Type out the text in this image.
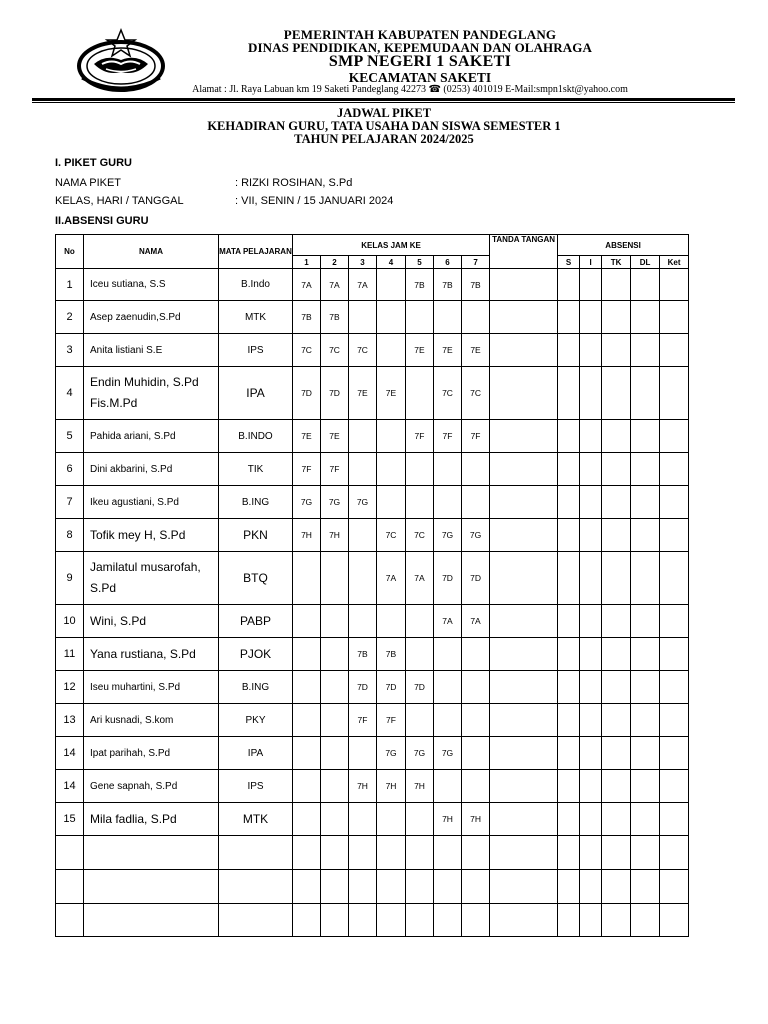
PEMERINTAH KABUPATEN PANDEGLANG
DINAS PENDIDIKAN, KEPEMUDAAN DAN OLAHRAGA
SMP NEGERI 1 SAKETI
KECAMATAN SAKETI
Alamat : Jl. Raya Labuan km 19 Saketi Pandeglang 42273 ☎ (0253) 401019 E-Mail:smpn1skt@yahoo.com
JADWAL PIKET
KEHADIRAN GURU, TATA USAHA DAN SISWA SEMESTER 1
TAHUN PELAJARAN 2024/2025
I. PIKET GURU
NAMA PIKET	: RIZKI ROSIHAN, S.Pd
KELAS, HARI / TANGGAL	: VII, SENIN / 15 JANUARI 2024
II.ABSENSI GURU
No	NAMA	MATA PELAJARAN	KELAS JAM KE							TANDA TANGAN	ABSENSI				
			1	2	3	4	5	6	7		S	I	TK	DL	Ket
1	Iceu sutiana, S.S	B.Indo	7A	7A	7A		7B	7B	7B						
2	Asep zaenudin,S.Pd	MTK	7B	7B											
3	Anita listiani S.E	IPS	7C	7C	7C		7E	7E	7E						
4	Endin Muhidin, S.Pd Fis.M.Pd	IPA	7D	7D	7E	7E		7C	7C						
5	Pahida ariani, S.Pd	B.INDO	7E	7E			7F	7F	7F						
6	Dini akbarini, S.Pd	TIK	7F	7F											
7	Ikeu agustiani, S.Pd	B.ING	7G	7G	7G										
8	Tofik mey H, S.Pd	PKN	7H	7H		7C	7C	7G	7G						
9	Jamilatul musarofah, S.Pd	BTQ				7A	7A	7D	7D						
10	Wini, S.Pd	PABP						7A	7A						
11	Yana rustiana, S.Pd	PJOK			7B	7B									
12	Iseu muhartini, S.Pd	B.ING			7D	7D	7D								
13	Ari kusnadi, S.kom	PKY			7F	7F									
14	Ipat parihah, S.Pd	IPA				7G	7G	7G							
14	Gene sapnah, S.Pd	IPS			7H	7H	7H								
15	Mila fadlia, S.Pd	MTK						7H	7H						
